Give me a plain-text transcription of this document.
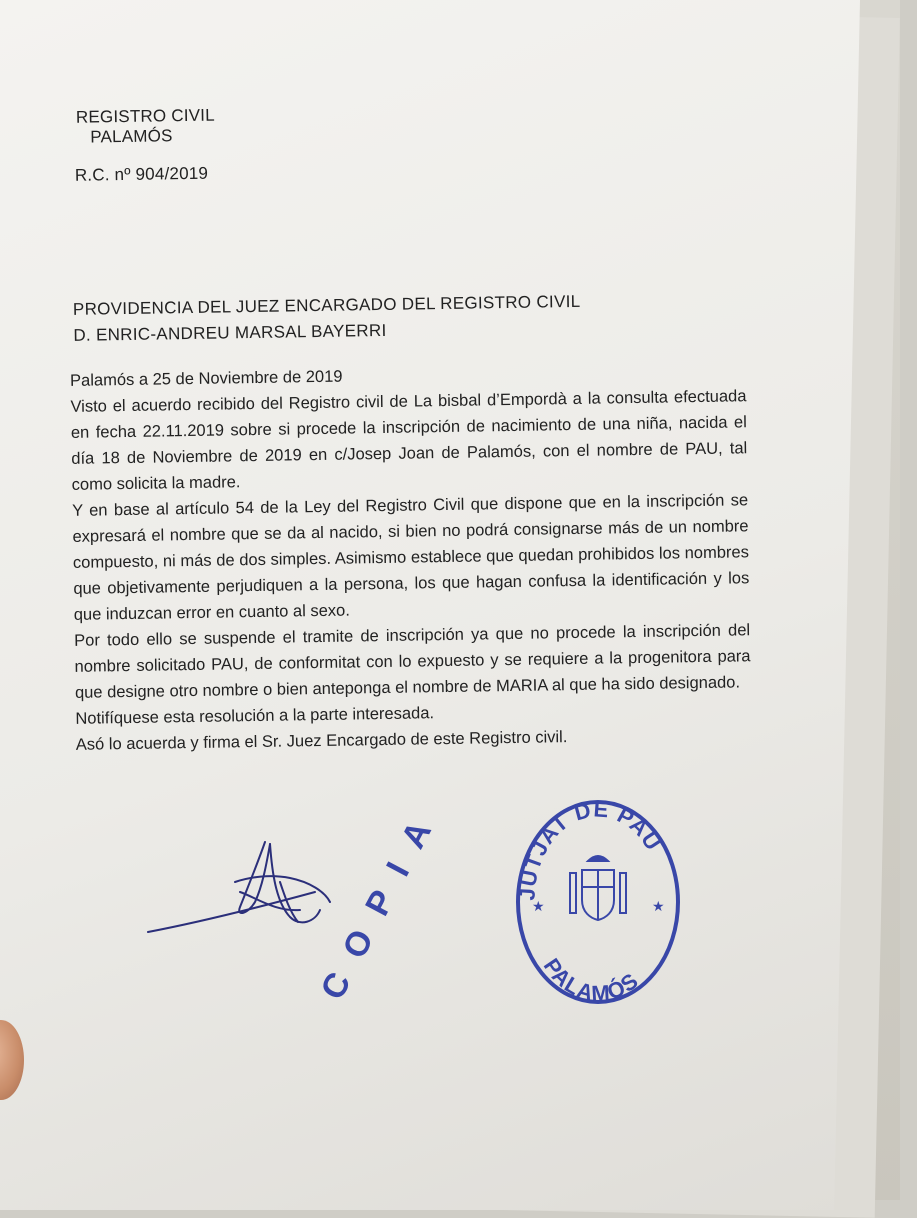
REGISTRO CIVIL
PALAMÓS
R.C. nº 904/2019
PROVIDENCIA DEL JUEZ ENCARGADO DEL REGISTRO CIVIL
D. ENRIC-ANDREU MARSAL BAYERRI

Palamós a 25 de Noviembre de 2019

Visto el acuerdo recibido del Registro civil de La bisbal d’Empordà a la consulta efectuada en fecha 22.11.2019 sobre si procede la inscripción de nacimiento de una niña, nacida el día 18 de Noviembre de 2019 en c/Josep Joan de Palamós, con el nombre de PAU, tal como solicita la madre.

Y en base al artículo 54 de la Ley del Registro Civil que dispone que en la inscripción se expresará el nombre que se da al nacido, si bien no podrá consignarse más de un nombre compuesto, ni más de dos simples. Asimismo establece que quedan prohibidos los nombres que objetivamente perjudiquen a la persona, los que hagan confusa la identificación y los que induzcan error en cuanto al sexo.

Por todo ello se suspende el tramite de inscripción ya que no procede la inscripción del nombre solicitado PAU, de conformitat con lo expuesto y se requiere a la progenitora para que designe otro nombre o bien anteponga el nombre de MARIA al que ha sido designado.

Notifíquese esta resolución a la parte interesada.

Asó lo acuerda y firma el Sr. Juez Encargado de este Registro civil.

COPIA	JUTJAT DE PAU
PALAMÓS
★	★
